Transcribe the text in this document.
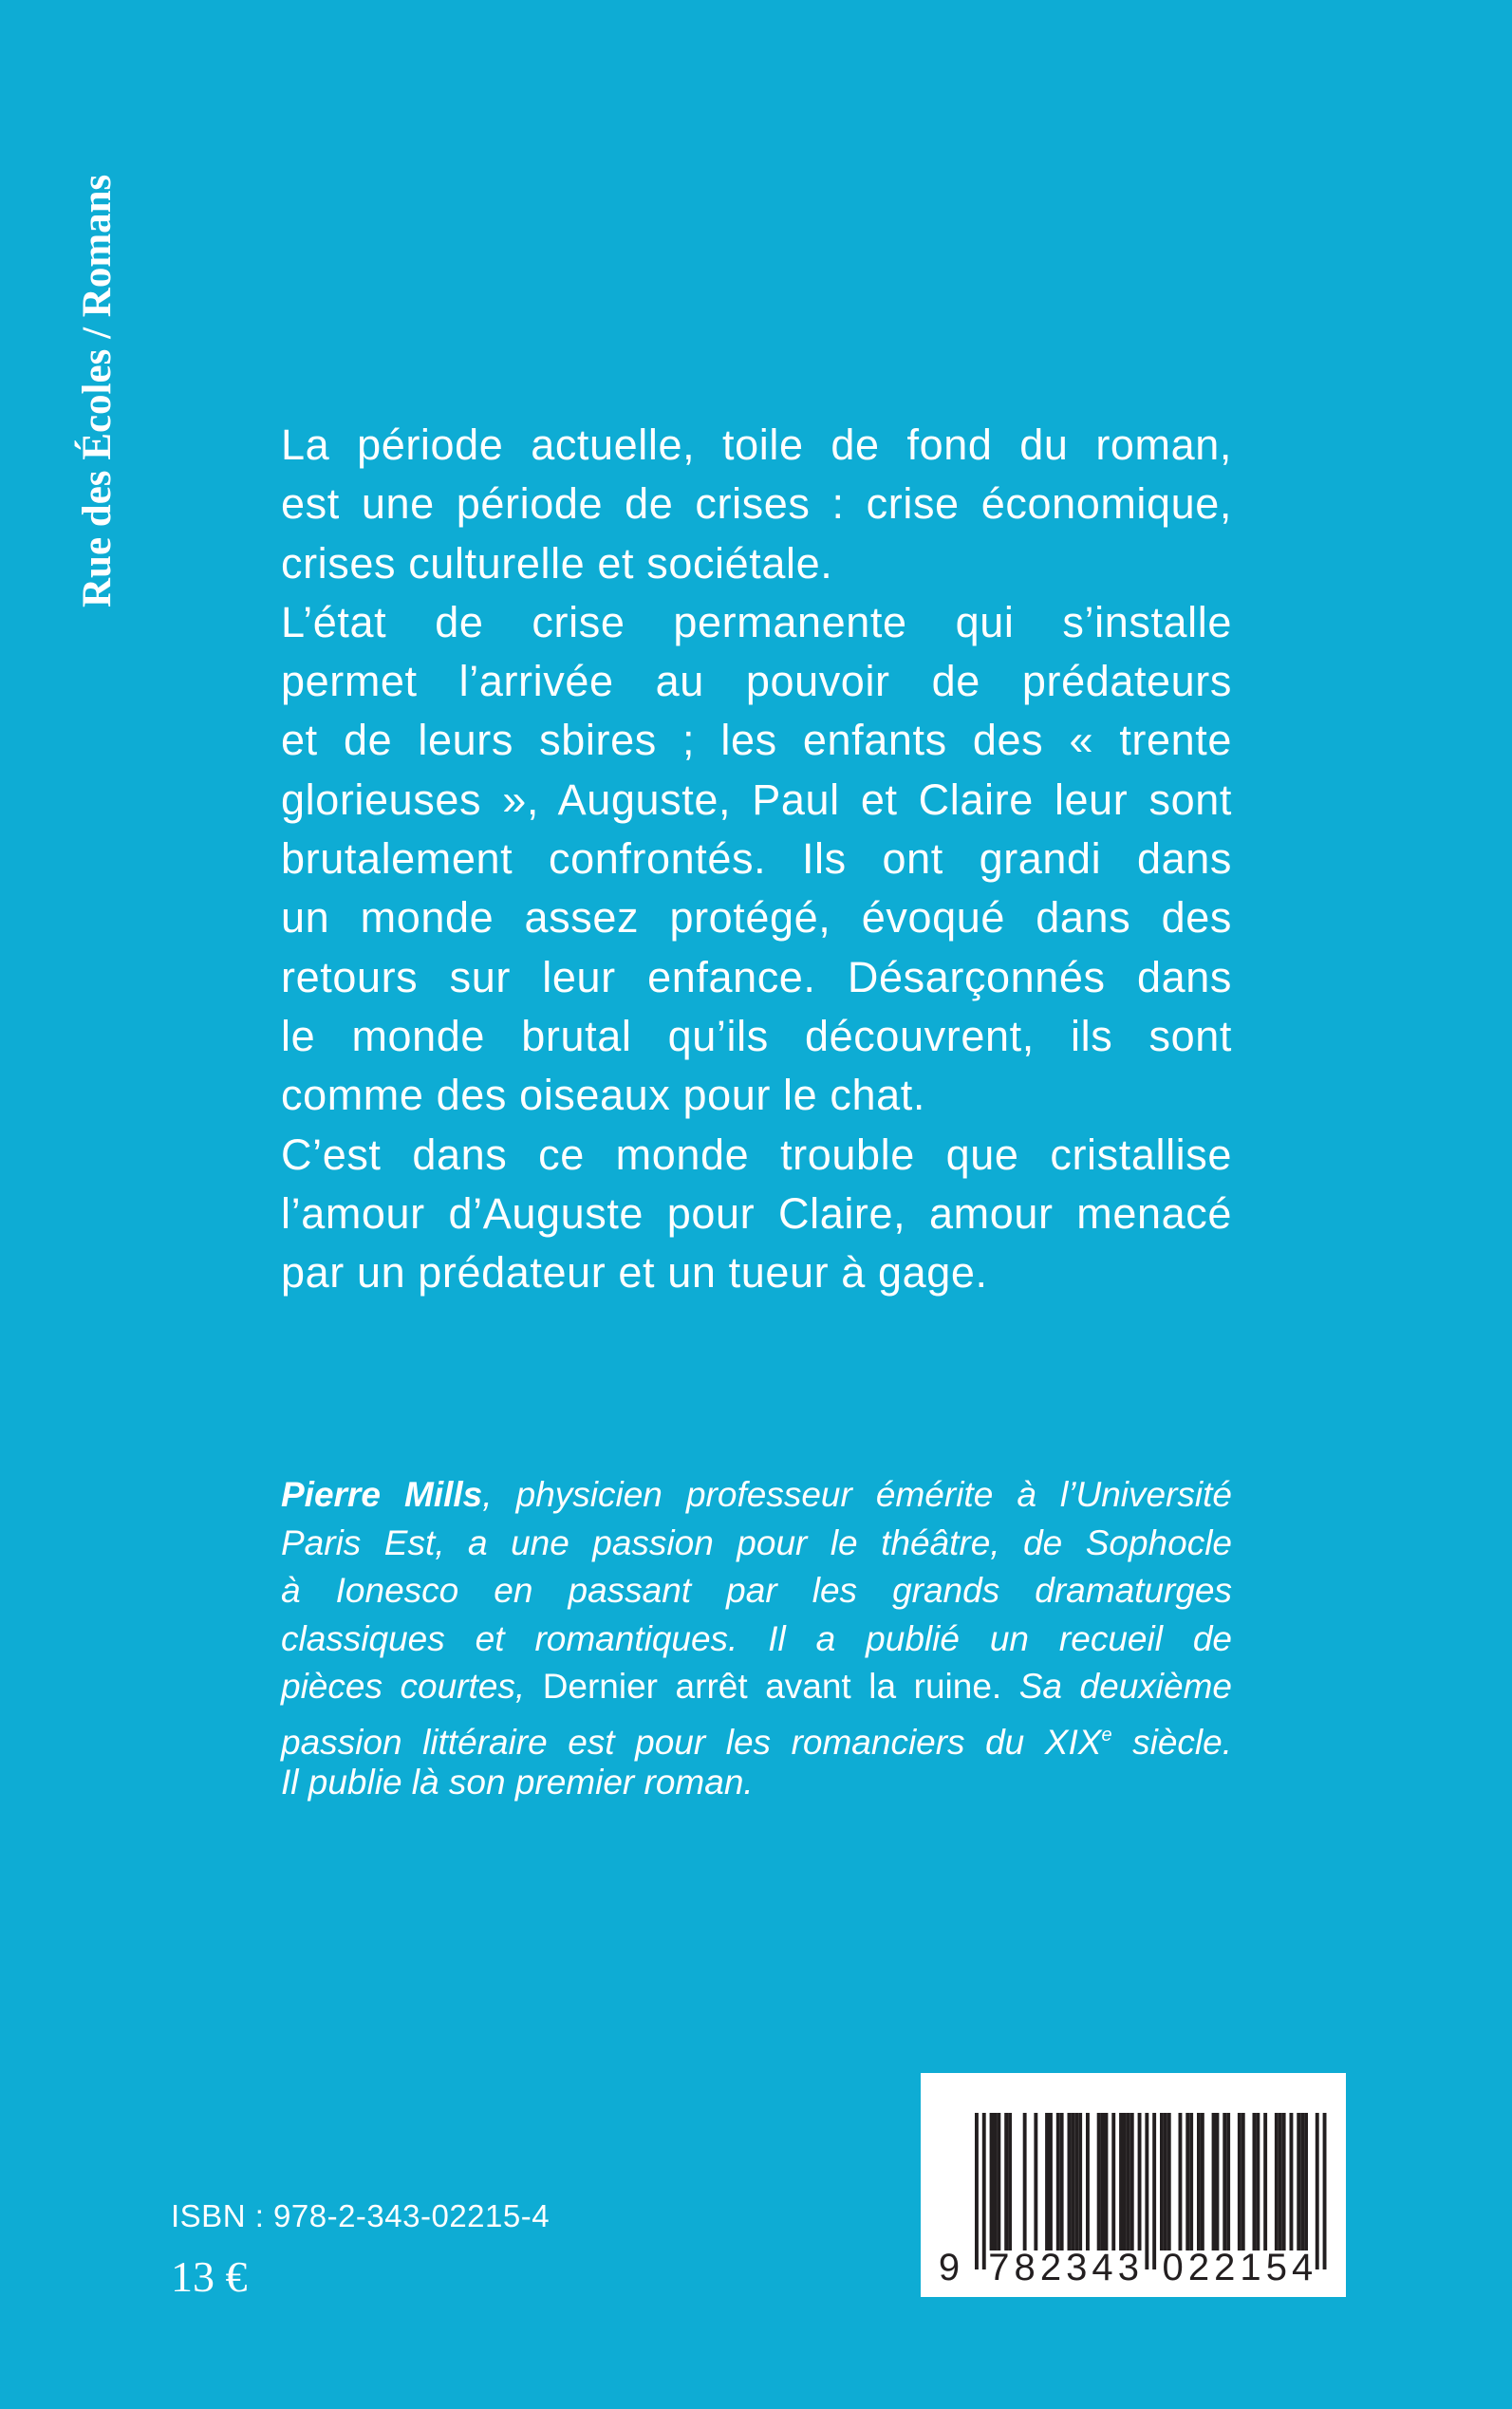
Rue des Écoles / Romans	La période actuelle, toile de fond du roman,
est une période de crises : crise économique,
crises culturelle et sociétale.
L’état de crise permanente qui s’installe
permet l’arrivée au pouvoir de prédateurs
et de leurs sbires ; les enfants des « trente
glorieuses », Auguste, Paul et Claire leur sont
brutalement confrontés. Ils ont grandi dans
un monde assez protégé, évoqué dans des
retours sur leur enfance. Désarçonnés dans
le monde brutal qu’ils découvrent, ils sont
comme des oiseaux pour le chat.
C’est dans ce monde trouble que cristallise
l’amour d’Auguste pour Claire, amour menacé
par un prédateur et un tueur à gage.
Pierre Mills, physicien professeur émérite à l’Université
Paris Est, a une passion pour le théâtre, de Sophocle
à Ionesco en passant par les grands dramaturges
classiques et romantiques. Il a publié un recueil de
pièces courtes, Dernier arrêt avant la ruine. Sa deuxième
passion littéraire est pour les romanciers du XIXe siècle.
Il publie là son premier roman.
9 7 8 2 3 4 3 0 2 2 1 5 4
ISBN : 978-2-343-02215-4
13 €
